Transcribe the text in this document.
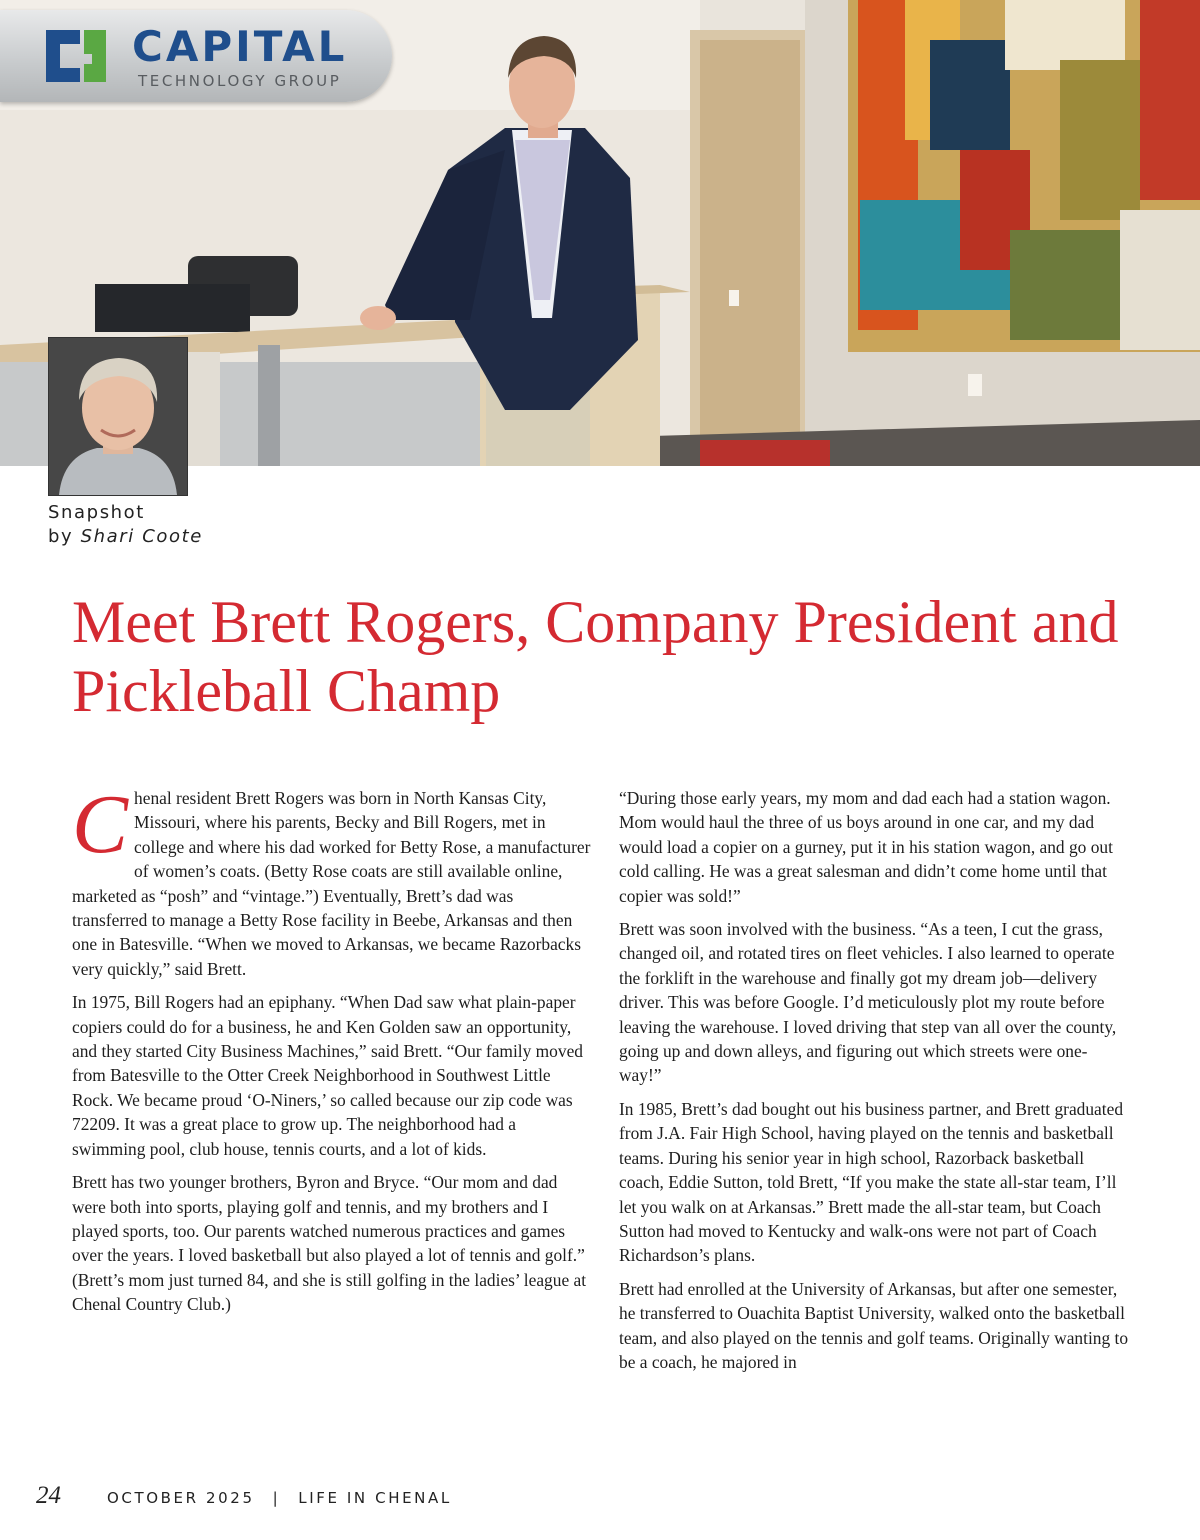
CAPITAL
TECHNOLOGY GROUP
Snapshot
by Shari Coote
Meet Brett Rogers, Company President and Pickleball Champ

Chenal resident Brett Rogers was born in North Kansas City, Missouri, where his parents, Becky and Bill Rogers, met in college and where his dad worked for Betty Rose, a manufacturer of women’s coats. (Betty Rose coats are still available online, marketed as “posh” and “vintage.”) Eventually, Brett’s dad was transferred to manage a Betty Rose facility in Beebe, Arkansas and then one in Batesville. “When we moved to Arkansas, we became Razorbacks very quickly,” said Brett.

In 1975, Bill Rogers had an epiphany. “When Dad saw what plain-paper copiers could do for a business, he and Ken Golden saw an opportunity, and they started City Business Machines,” said Brett. “Our family moved from Batesville to the Otter Creek Neighborhood in Southwest Little Rock. We became proud ‘O-Niners,’ so called because our zip code was 72209. It was a great place to grow up. The neighborhood had a swimming pool, club house, tennis courts, and a lot of kids.

Brett has two younger brothers, Byron and Bryce. “Our mom and dad were both into sports, playing golf and tennis, and my brothers and I played sports, too. Our parents watched numerous practices and games over the years. I loved basketball but also played a lot of tennis and golf.” (Brett’s mom just turned 84, and she is still golfing in the ladies’ league at Chenal Country Club.)

“During those early years, my mom and dad each had a station wagon. Mom would haul the three of us boys around in one car, and my dad would load a copier on a gurney, put it in his station wagon, and go out cold calling. He was a great salesman and didn’t come home until that copier was sold!”

Brett was soon involved with the business. “As a teen, I cut the grass, changed oil, and rotated tires on fleet vehicles. I also learned to operate the forklift in the warehouse and finally got my dream job—delivery driver. This was before Google. I’d meticulously plot my route before leaving the warehouse. I loved driving that step van all over the county, going up and down alleys, and figuring out which streets were one-way!”

In 1985, Brett’s dad bought out his business partner, and Brett graduated from J.A. Fair High School, having played on the tennis and basketball teams. During his senior year in high school, Razorback basketball coach, Eddie Sutton, told Brett, “If you make the state all-star team, I’ll let you walk on at Arkansas.” Brett made the all-star team, but Coach Sutton had moved to Kentucky and walk-ons were not part of Coach Richardson’s plans.

Brett had enrolled at the University of Arkansas, but after one semester, he transferred to Ouachita Baptist University, walked onto the basketball team, and also played on the tennis and golf teams. Originally wanting to be a coach, he majored in

24	OCTOBER 2025 | LIFE IN CHENAL
